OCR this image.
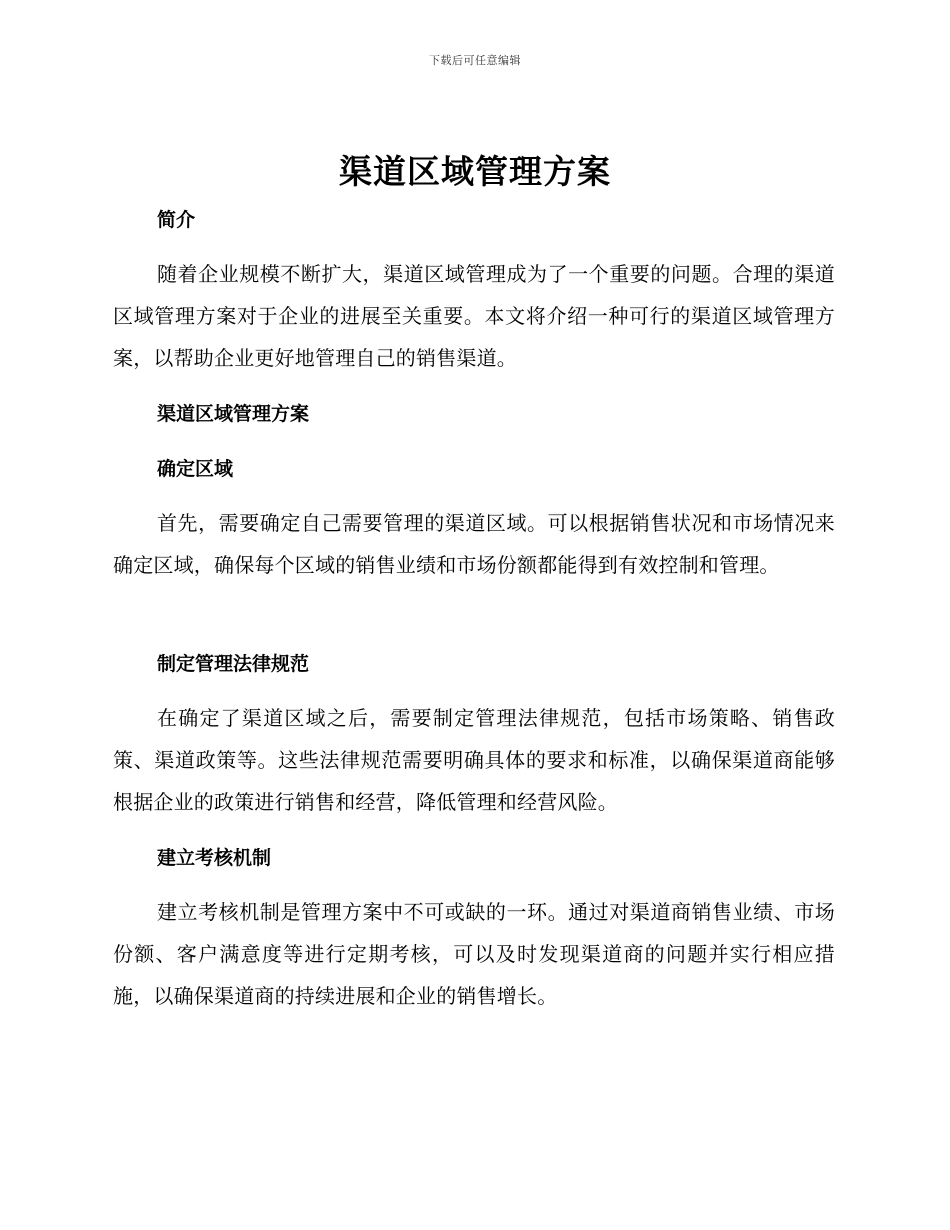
下载后可任意编辑
渠道区域管理方案
简介

随着企业规模不断扩大，渠道区域管理成为了一个重要的问题。合理的渠道区域管理方案对于企业的进展至关重要。本文将介绍一种可行的渠道区域管理方案，以帮助企业更好地管理自己的销售渠道。

渠道区域管理方案
确定区域

首先，需要确定自己需要管理的渠道区域。可以根据销售状况和市场情况来确定区域，确保每个区域的销售业绩和市场份额都能得到有效控制和管理。

制定管理法律规范

在确定了渠道区域之后，需要制定管理法律规范，包括市场策略、销售政策、渠道政策等。这些法律规范需要明确具体的要求和标准，以确保渠道商能够根据企业的政策进行销售和经营，降低管理和经营风险。

建立考核机制

建立考核机制是管理方案中不可或缺的一环。通过对渠道商销售业绩、市场份额、客户满意度等进行定期考核，可以及时发现渠道商的问题并实行相应措施，以确保渠道商的持续进展和企业的销售增长。
